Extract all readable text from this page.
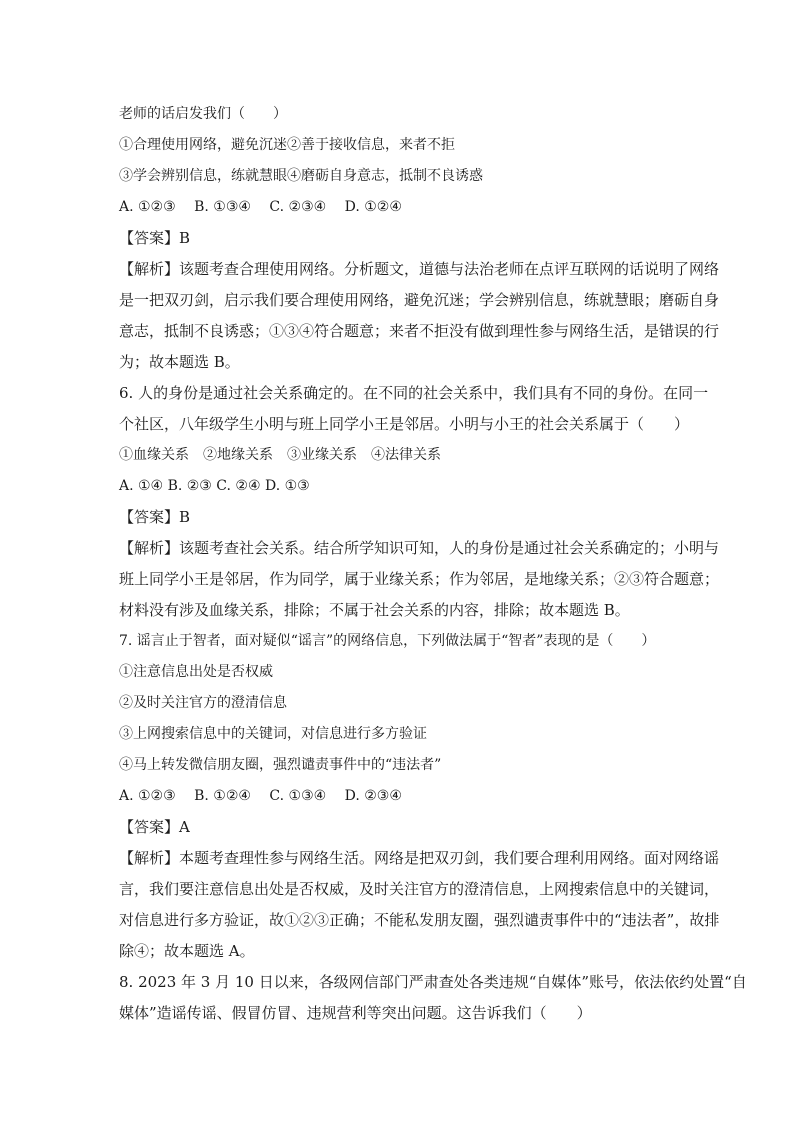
老师的话启发我们（　　）
①合理使用网络，避免沉迷②善于接收信息，来者不拒
③学会辨别信息，练就慧眼④磨砺自身意志，抵制不良诱惑
A. ①②③　 B. ①③④　 C. ②③④　 D. ①②④
【答案】B
【解析】该题考查合理使用网络。分析题文，道德与法治老师在点评互联网的话说明了网络
是一把双刃剑，启示我们要合理使用网络，避免沉迷；学会辨别信息，练就慧眼；磨砺自身
意志，抵制不良诱惑；①③④符合题意；来者不拒没有做到理性参与网络生活，是错误的行
为；故本题选 B。
6. 人的身份是通过社会关系确定的。在不同的社会关系中，我们具有不同的身份。在同一
个社区，八年级学生小明与班上同学小王是邻居。小明与小王的社会关系属于（　　）
①血缘关系　②地缘关系　③业缘关系　④法律关系
A. ①④ B. ②③ C. ②④ D. ①③
【答案】B
【解析】该题考查社会关系。结合所学知识可知，人的身份是通过社会关系确定的；小明与
班上同学小王是邻居，作为同学，属于业缘关系；作为邻居，是地缘关系；②③符合题意；
材料没有涉及血缘关系，排除；不属于社会关系的内容，排除；故本题选 B。
7. 谣言止于智者，面对疑似“谣言”的网络信息，下列做法属于“智者”表现的是（　　）
①注意信息出处是否权威
②及时关注官方的澄清信息
③上网搜索信息中的关键词，对信息进行多方验证
④马上转发微信朋友圈，强烈谴责事件中的“违法者”
A. ①②③　 B. ①②④　 C. ①③④　 D. ②③④
【答案】A
【解析】本题考查理性参与网络生活。网络是把双刃剑，我们要合理利用网络。面对网络谣
言，我们要注意信息出处是否权威，及时关注官方的澄清信息，上网搜索信息中的关键词，
对信息进行多方验证，故①②③正确；不能私发朋友圈，强烈谴责事件中的“违法者”，故排
除④；故本题选 A。
8. 2023 年 3 月 10 日以来，各级网信部门严肃查处各类违规“自媒体”账号，依法依约处置“自
媒体”造谣传谣、假冒仿冒、违规营利等突出问题。这告诉我们（　　）
